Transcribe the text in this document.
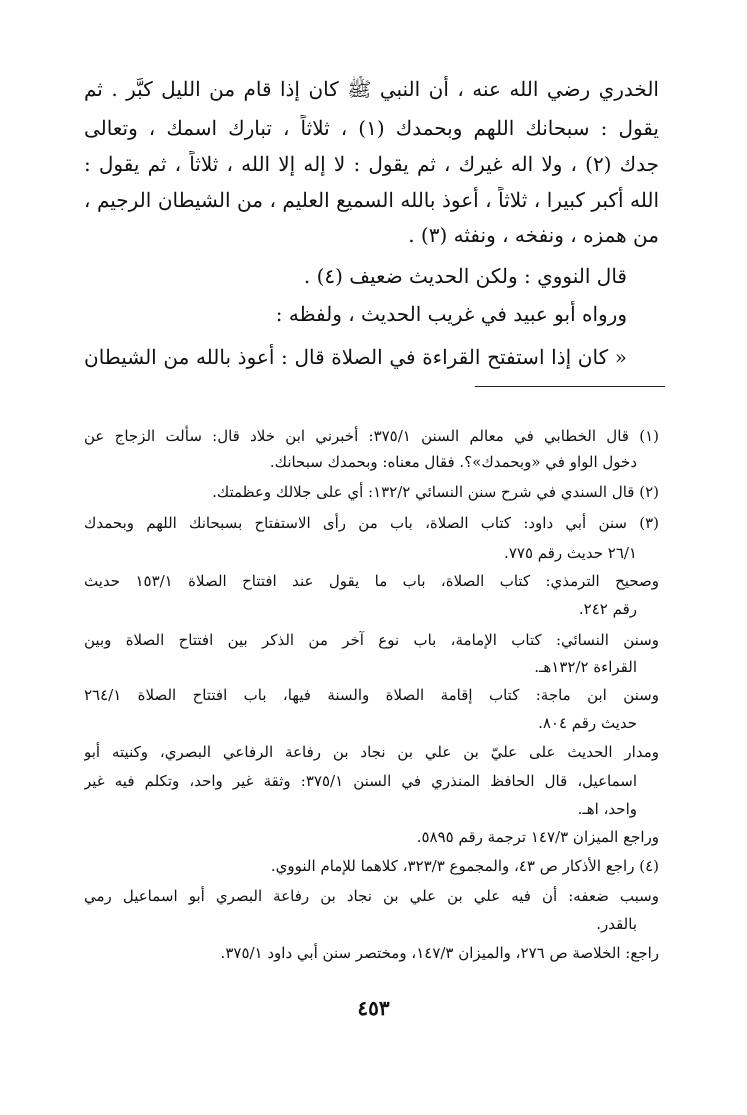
الخدري رضي الله عنه ، أن النبي ﷺ كان إذا قام من الليل كبَّر . ثم
يقول : سبحانك اللهم وبحمدك (١) ، ثلاثاً ، تبارك اسمك ، وتعالى
جدك (٢) ، ولا اله غيرك ، ثم يقول : لا إله إلا الله ، ثلاثاً ، ثم يقول :
الله أكبر كبيرا ، ثلاثاً ، أعوذ بالله السميع العليم ، من الشيطان الرجيم ،
من همزه ، ونفخه ، ونفثه (٣) .
قال النووي : ولكن الحديث ضعيف (٤) .
ورواه أبو عبيد في غريب الحديث ، ولفظه :
« كان إذا استفتح القراءة في الصلاة قال : أعوذ بالله من الشيطان
(١) قال الخطابي في معالم السنن ٣٧٥/١: أخبرني ابن خلاد قال: سألت الزجاج عن
دخول الواو في «وبحمدك»؟. فقال معناه: وبحمدك سبحانك.
(٢) قال السندي في شرح سنن النسائي ١٣٢/٢: أي على جلالك وعظمتك.
(٣) سنن أبي داود: كتاب الصلاة، باب من رأى الاستفتاح بسبحانك اللهم وبحمدك
٢٦/١ حديث رقم ٧٧٥.
وصحيح الترمذي: كتاب الصلاة، باب ما يقول عند افتتاح الصلاة ١٥٣/١ حديث
رقم ٢٤٢.
وسنن النسائي: كتاب الإمامة، باب نوع آخر من الذكر بين افتتاح الصلاة وبين
القراءة ١٣٢/٢هـ.
وسنن ابن ماجة: كتاب إقامة الصلاة والسنة فيها، باب افتتاح الصلاة ٢٦٤/١
حديث رقم ٨٠٤.
ومدار الحديث على عليّ بن علي بن نجاد بن رفاعة الرفاعي البصري، وكنيته أبو
اسماعيل، قال الحافظ المنذري في السنن ٣٧٥/١: وثقة غير واحد، وتكلم فيه غير
واحد، اهـ.
وراجع الميزان ١٤٧/٣ ترجمة رقم ٥٨٩٥.
(٤) راجع الأذكار ص ٤٣، والمجموع ٣٢٣/٣، كلاهما للإمام النووي.
وسبب ضعفه: أن فيه علي بن علي بن نجاد بن رفاعة البصري أبو اسماعيل رمي
بالقدر.
راجع: الخلاصة ص ٢٧٦، والميزان ١٤٧/٣، ومختصر سنن أبي داود ٣٧٥/١.
٤٥٣
